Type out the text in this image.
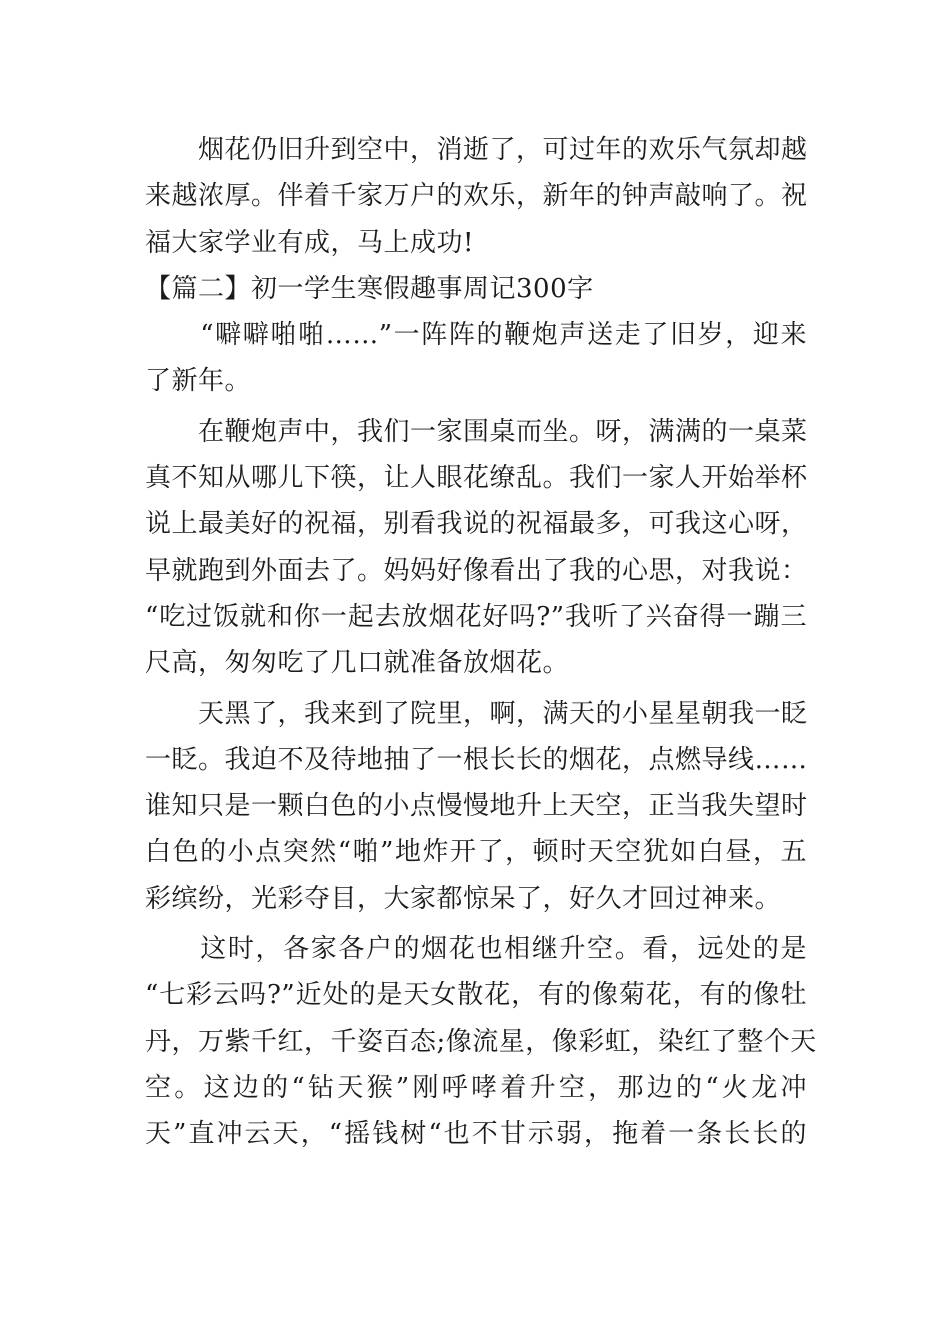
　　烟花仍旧升到空中，消逝了，可过年的欢乐气氛却越
来越浓厚。伴着千家万户的欢乐，新年的钟声敲响了。祝
福大家学业有成，马上成功!
【篇二】初一学生寒假趣事周记300字
　　“噼噼啪啪……”一阵阵的鞭炮声送走了旧岁，迎来
了新年。
　　在鞭炮声中，我们一家围桌而坐。呀，满满的一桌菜
真不知从哪儿下筷，让人眼花缭乱。我们一家人开始举杯
说上最美好的祝福，别看我说的祝福最多，可我这心呀，
早就跑到外面去了。妈妈好像看出了我的心思，对我说：
“吃过饭就和你一起去放烟花好吗?”我听了兴奋得一蹦三
尺高，匆匆吃了几口就准备放烟花。
　　天黑了，我来到了院里，啊，满天的小星星朝我一眨
一眨。我迫不及待地抽了一根长长的烟花，点燃导线……
谁知只是一颗白色的小点慢慢地升上天空，正当我失望时
白色的小点突然“啪”地炸开了，顿时天空犹如白昼，五
彩缤纷，光彩夺目，大家都惊呆了，好久才回过神来。
　　这时，各家各户的烟花也相继升空。看，远处的是
“七彩云吗?”近处的是天女散花，有的像菊花，有的像牡
丹，万紫千红，千姿百态;像流星，像彩虹，染红了整个天
空。这边的“钻天猴”刚呼哮着升空，那边的“火龙冲
天”直冲云天，“摇钱树“也不甘示弱，拖着一条长长的
